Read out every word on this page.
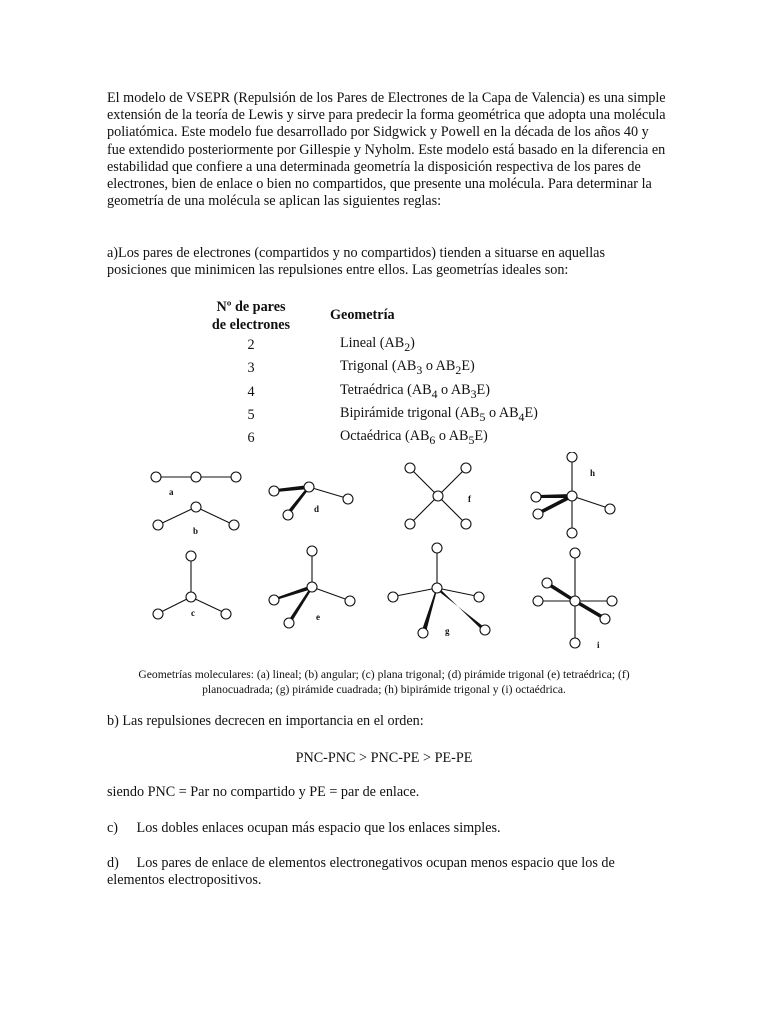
El modelo de VSEPR (Repulsión de los Pares de Electrones de la Capa de Valencia) es una simple extensión de la teoría de Lewis y sirve para predecir la forma geométrica que adopta una molécula poliatómica. Este modelo fue desarrollado por Sidgwick y Powell en la década de los años 40 y fue extendido posteriormente por Gillespie y Nyholm. Este modelo está basado en la diferencia en estabilidad que confiere a una determinada geometría la disposición respectiva de los pares de electrones, bien de enlace o bien no compartidos, que presente una molécula. Para determinar la geometría de una molécula se aplican las siguientes reglas:

a)Los pares de electrones (compartidos y no compartidos) tienden a situarse en aquellas posiciones que minimicen las repulsiones entre ellos. Las geometrías ideales son:

Nº de pares
de electrones	Geometría
2	Lineal $(AB_2)$
3	Trigonal ($AB_3$ o $AB_2E$)
4	Tetraédrica ($AB_4$ o $AB_3E$)
5	Bipirámide trigonal ($AB_5$ o $AB_4E$)
6	Octaédrica ($AB_6$ o $AB_5E$)
a
b
c
d
e
f
g
h
i

Geometrías moleculares: (a) lineal; (b) angular; (c) plana trigonal; (d) pirámide trigonal (e) tetraédrica; (f) planocuadrada; (g) pirámide cuadrada; (h) bipirámide trigonal y (i) octaédrica.

b) Las repulsiones decrecen en importancia en el orden:

PNC-PNC > PNC-PE > PE-PE

siendo PNC = Par no compartido y PE = par de enlace.

c) Los dobles enlaces ocupan más espacio que los enlaces simples.

d) Los pares de enlace de elementos electronegativos ocupan menos espacio que los de elementos electropositivos.
